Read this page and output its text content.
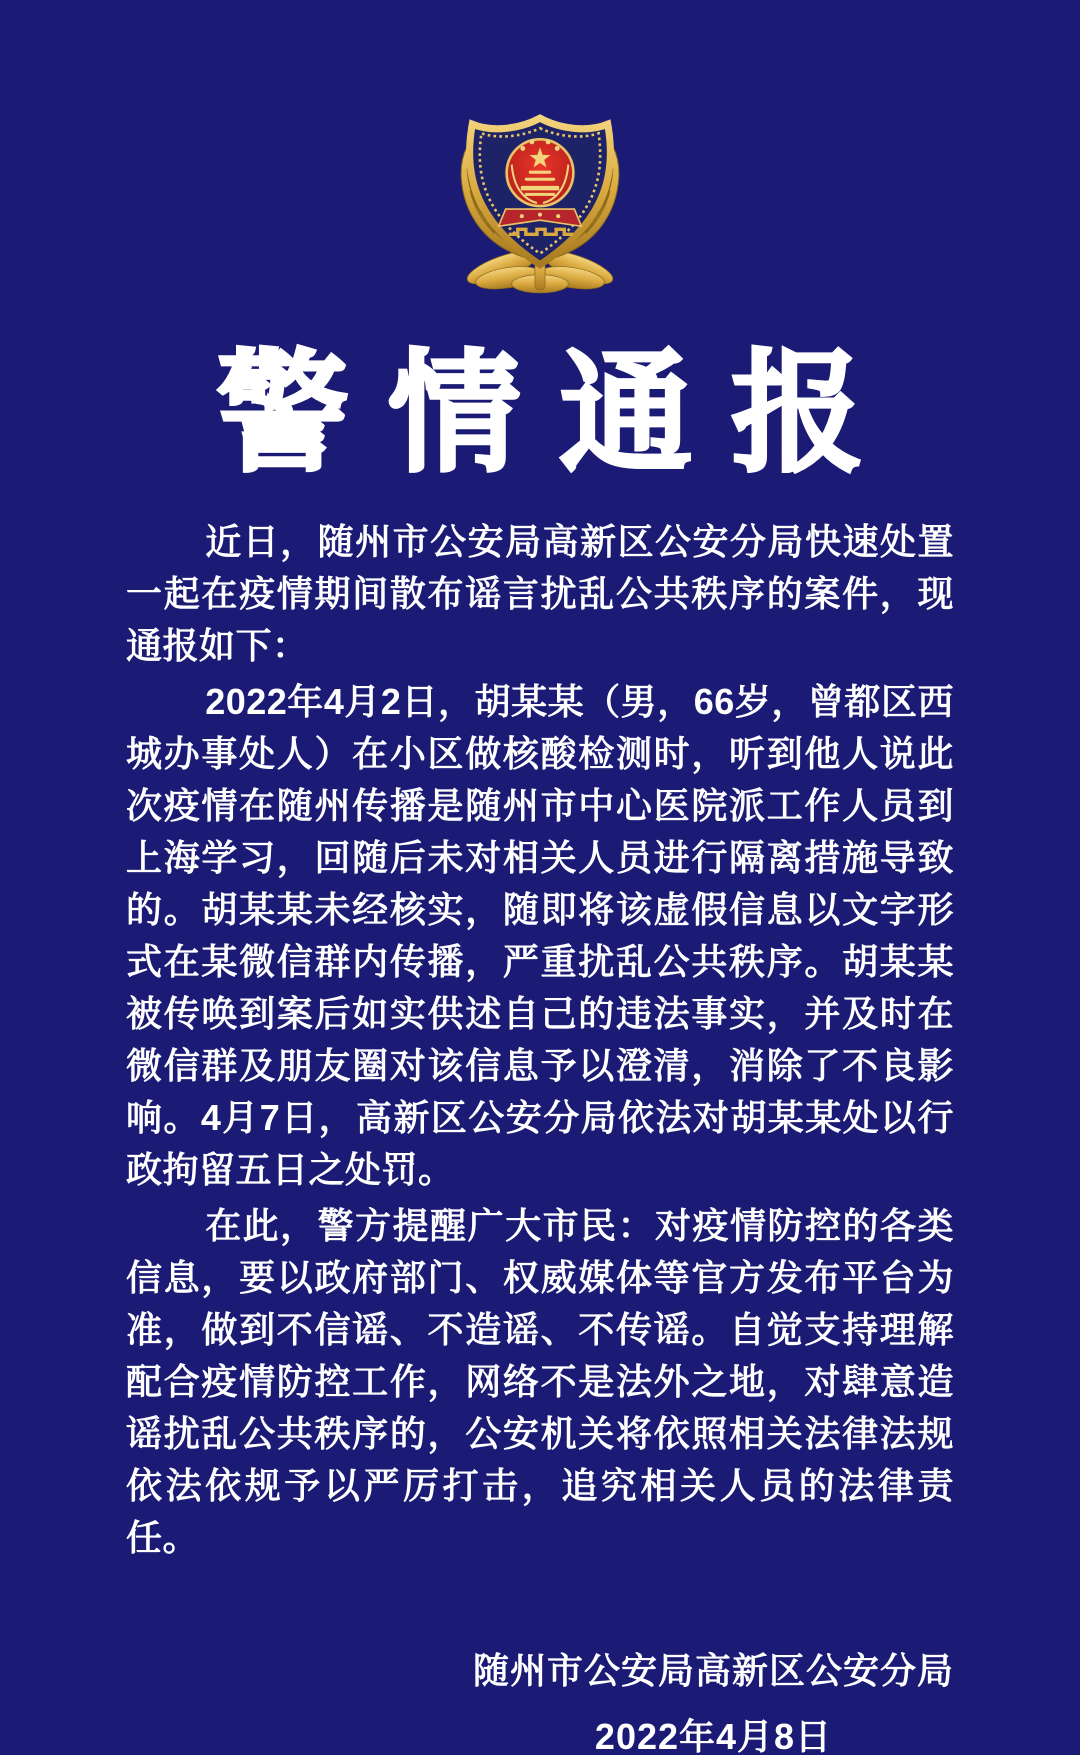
警情通报

近日，随州市公安局高新区公安分局快速处置一起在疫情期间散布谣言扰乱公共秩序的案件，现通报如下：

2022年4月2日，胡某某（男，66岁，曾都区西城办事处人）在小区做核酸检测时，听到他人说此次疫情在随州传播是随州市中心医院派工作人员到上海学习，回随后未对相关人员进行隔离措施导致的。胡某某未经核实，随即将该虚假信息以文字形式在某微信群内传播，严重扰乱公共秩序。胡某某被传唤到案后如实供述自己的违法事实，并及时在微信群及朋友圈对该信息予以澄清，消除了不良影响。4月7日，高新区公安分局依法对胡某某处以行政拘留五日之处罚。

在此，警方提醒广大市民：对疫情防控的各类信息，要以政府部门、权威媒体等官方发布平台为准，做到不信谣、不造谣、不传谣。自觉支持理解配合疫情防控工作，网络不是法外之地，对肆意造谣扰乱公共秩序的，公安机关将依照相关法律法规依法依规予以严厉打击，追究相关人员的法律责任。

随州市公安局高新区公安分局
2022年4月8日
